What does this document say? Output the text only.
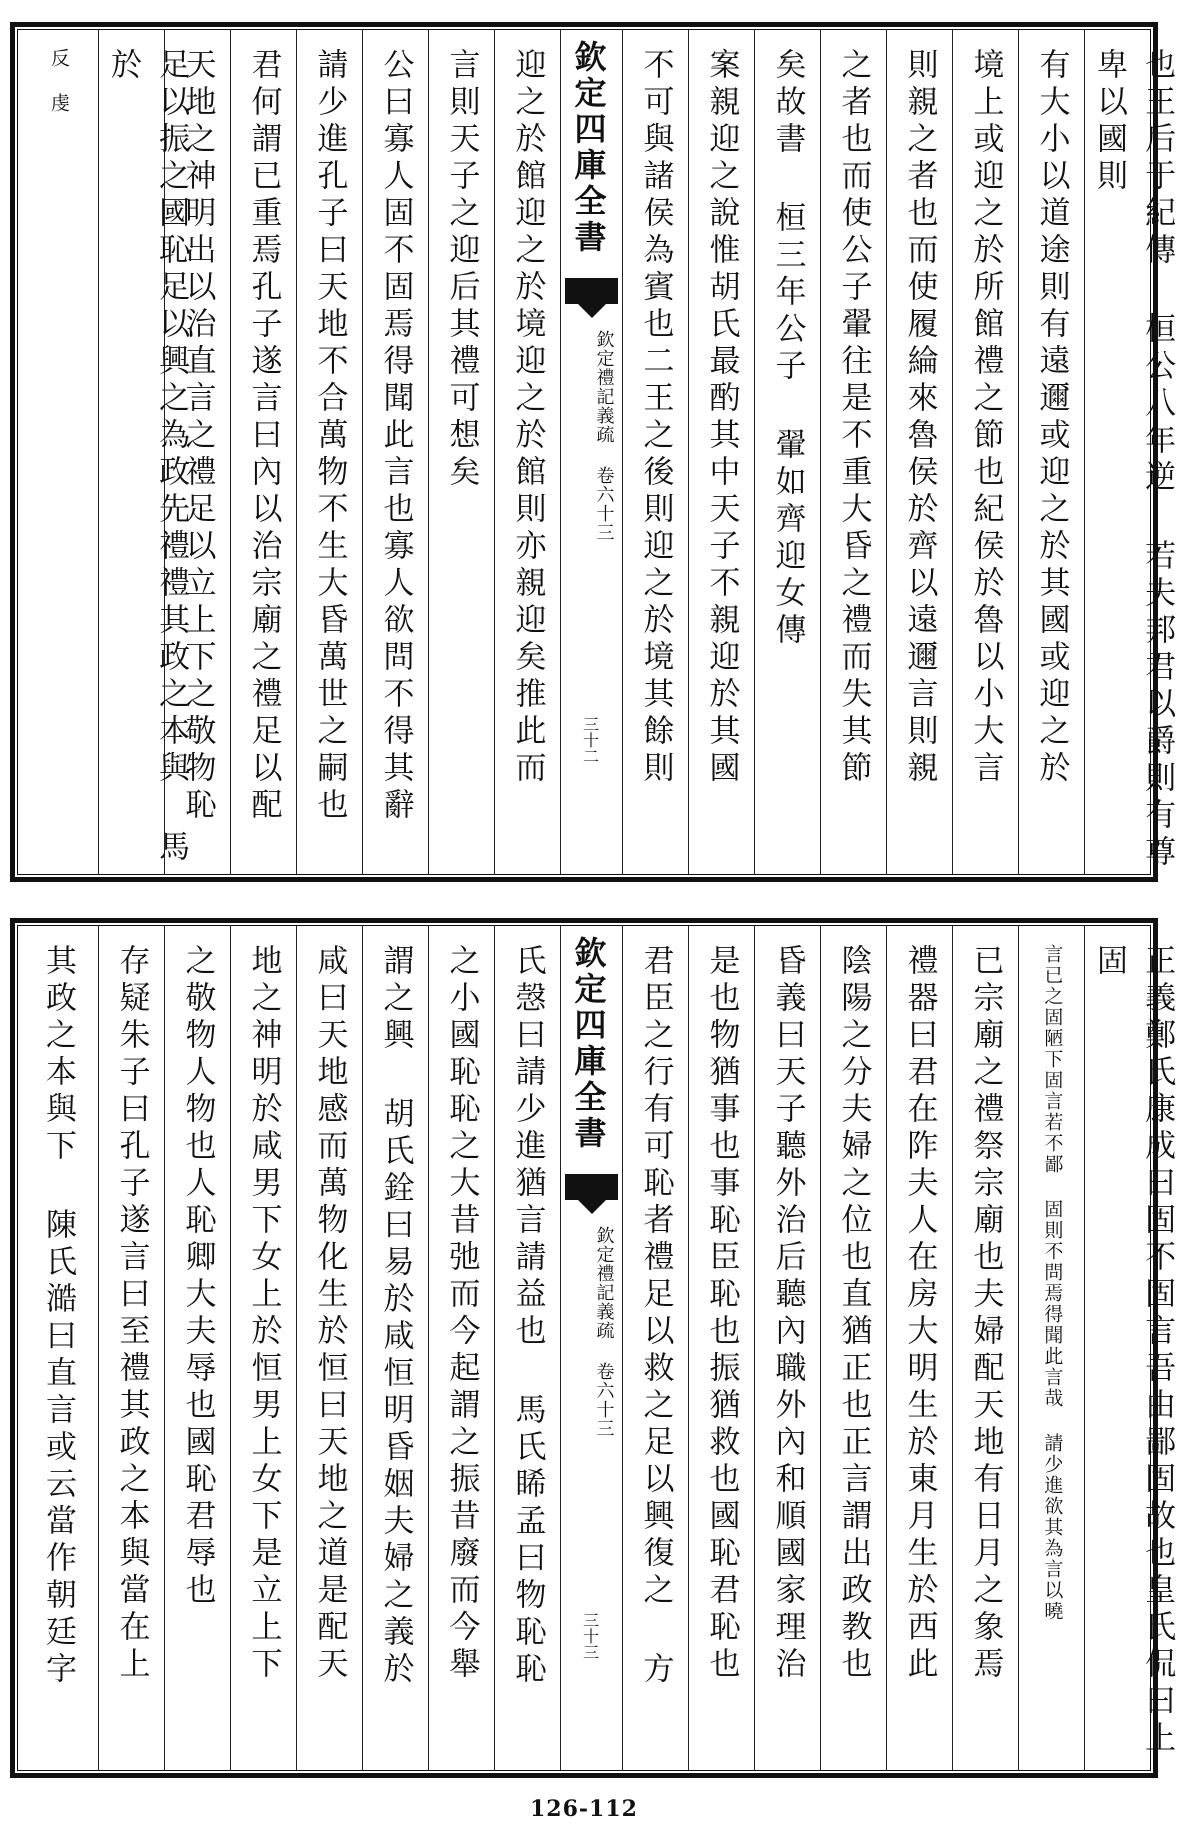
也王后于紀傳 桓公八年逆 若夫邦君以爵則有尊卑以國則
有大小以道途則有遠邇或迎之於其國或迎之於
境上或迎之於所館禮之節也紀侯於魯以小大言
則親之者也而使履綸來魯侯於齊以遠邇言則親
之者也而使公子翬往是不重大昏之禮而失其節
矣故書 桓三年公子 翬如齊迎女傳
案親迎之說惟胡氏最酌其中天子不親迎於其國
不可與諸侯為賓也二王之後則迎之於境其餘則
欽定四庫全書
欽定禮記義疏 卷六十三
三十二
迎之於館迎之於境迎之於館則亦親迎矣推此而
言則天子之迎后其禮可想矣
公曰寡人固不固焉得聞此言也寡人欲問不得其辭
請少進孔子曰天地不合萬物不生大昏萬世之嗣也
君何謂已重焉孔子遂言曰內以治宗廟之禮足以配
天地之神明出以治直言之禮足以立上下之敬物恥
足以振之國恥足以興之為政先禮禮其政之本與 馬 於
反 虔
正義鄭氏康成曰固不固言吾由鄙固故也皇氏侃曰上固
言已之固陋下固言若不鄙 固則不問焉得聞此言哉 請少進欲其為言以曉
已宗廟之禮祭宗廟也夫婦配天地有日月之象焉
禮器曰君在阼夫人在房大明生於東月生於西此
陰陽之分夫婦之位也直猶正也正言謂出政教也
昏義曰天子聽外治后聽內職外內和順國家理治
是也物猶事也事恥臣恥也振猶救也國恥君恥也
君臣之行有可恥者禮足以救之足以興復之 方
欽定四庫全書
欽定禮記義疏 卷六十三
三十三
氏愨曰請少進猶言請益也 馬氏睎孟曰物恥恥
之小國恥恥之大昔弛而今起謂之振昔廢而今舉
謂之興 胡氏銓曰易於咸恒明昏姻夫婦之義於
咸曰天地感而萬物化生於恒曰天地之道是配天
地之神明於咸男下女上於恒男上女下是立上下
之敬物人物也人恥卿大夫辱也國恥君辱也
存疑朱子曰孔子遂言曰至禮其政之本與當在上
其政之本與下 陳氏澔曰直言或云當作朝廷字
126-112
